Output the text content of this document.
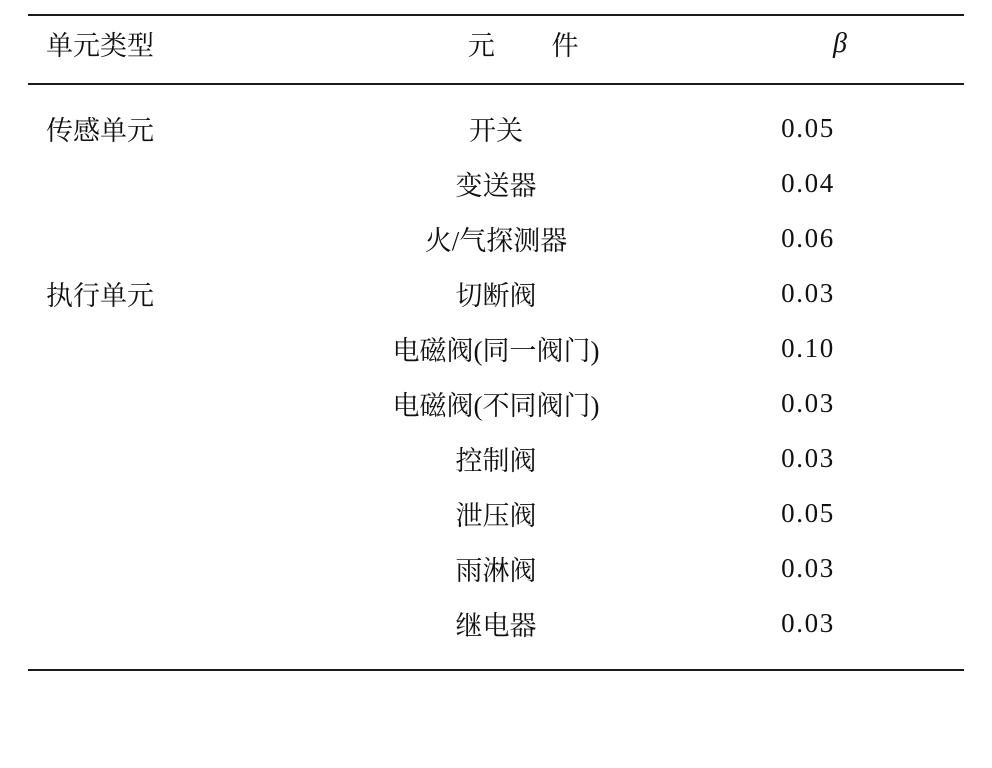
单元类型	元　件	β
传感单元	开关	0.05
	变送器	0.04
	火/气探测器	0.06
执行单元	切断阀	0.03
	电磁阀(同一阀门)	0.10
	电磁阀(不同阀门)	0.03
	控制阀	0.03
	泄压阀	0.05
	雨淋阀	0.03
	继电器	0.03
